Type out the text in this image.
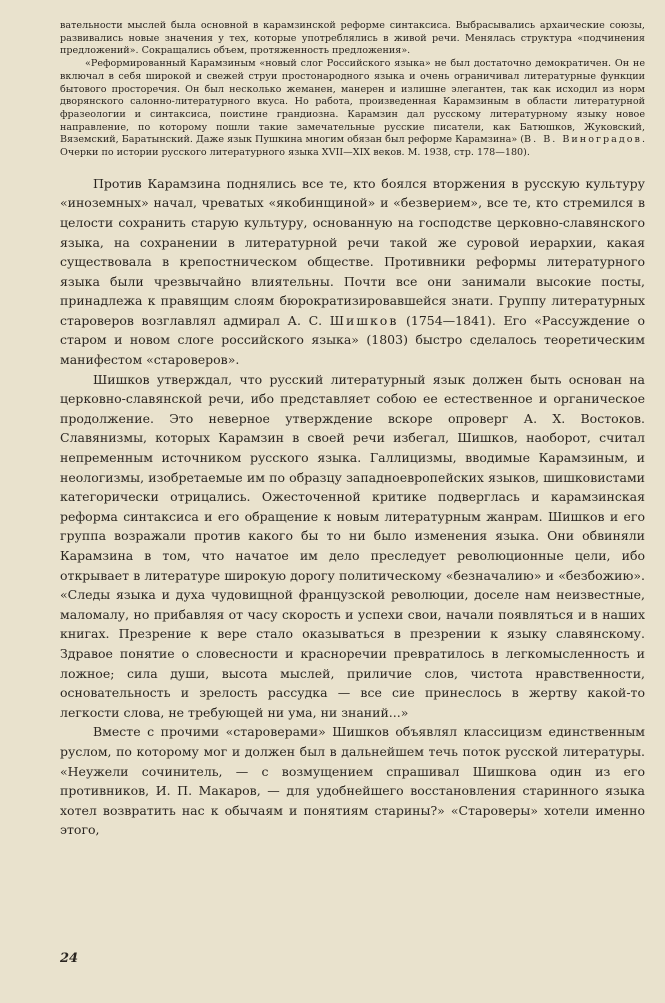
вательности мыслей была основной в карамзинской реформе синтаксиса. Выбрасывались архаические союзы, развивались новые значения у тех, которые употреблялись в живой речи. Менялась структура «подчинения предложений». Сокращались объем, протяженность предложения».

«Реформированный Карамзиным «новый слог Российского языка» не был достаточно демократичен. Он не включал в себя широкой и свежей струи простонародного языка и очень ограничивал литературные функции бытового просторечия. Он был несколько жеманен, манерен и излишне элегантен, так как исходил из норм дворянского салонно-литературного вкуса. Но работа, произведенная Карамзиным в области литературной фразеологии и синтаксиса, поистине грандиозна. Карамзин дал русскому литературному языку новое направление, по которому пошли такие замечательные русские писатели, как Батюшков, Жуковский, Вяземский, Баратынский. Даже язык Пушкина многим обязан был реформе Карамзина» (В. В. Виноградов. Очерки по истории русского литературного языка XVII—XIX веков. М. 1938, стр. 178—180).

Против Карамзина поднялись все те, кто боялся вторжения в русскую культуру «иноземных» начал, чреватых «якобинщиной» и «безверием», все те, кто стремился в целости сохранить старую культуру, основанную на господстве церковно-славянского языка, на сохранении в литературной речи такой же суровой иерархии, какая существовала в крепостническом обществе. Противники реформы литературного языка были чрезвычайно влиятельны. Почти все они занимали высокие посты, принадлежа к правящим слоям бюрократизировавшейся знати. Группу литературных староверов возглавлял адмирал А. С. Шишков (1754—1841). Его «Рассуждение о старом и новом слоге российского языка» (1803) быстро сделалось теоретическим манифестом «староверов».

Шишков утверждал, что русский литературный язык должен быть основан на церковно-славянской речи, ибо представляет собою ее естественное и органическое продолжение. Это неверное утверждение вскоре опроверг А. Х. Востоков. Славянизмы, которых Карамзин в своей речи избегал, Шишков, наоборот, считал непременным источником русского языка. Галлицизмы, вводимые Карамзиным, и неологизмы, изобретаемые им по образцу западноевропейских языков, шишковистами категорически отрицались. Ожесточенной критике подверглась и карамзинская реформа синтаксиса и его обращение к новым литературным жанрам. Шишков и его группа возражали против какого бы то ни было изменения языка. Они обвиняли Карамзина в том, что начатое им дело преследует революционные цели, ибо открывает в литературе широкую дорогу политическому «безначалию» и «безбожию». «Следы языка и духа чудовищной французской революции, доселе нам неизвестные, маломалу, но прибавляя от часу скорость и успехи свои, начали появляться и в наших книгах. Презрение к вере стало оказываться в презрении к языку славянскому. Здравое понятие о словесности и красноречии превратилось в легкомысленность и ложное; сила души, высота мыслей, приличие слов, чистота нравственности, основательность и зрелость рассудка — все сие принеслось в жертву какой-то легкости слова, не требующей ни ума, ни знаний...»

Вместе с прочими «староверами» Шишков объявлял классицизм единственным руслом, по которому мог и должен был в дальнейшем течь поток русской литературы. «Неужели сочинитель, — с возмущением спрашивал Шишкова один из его противников, И. П. Макаров, — для удобнейшего восстановления старинного языка хотел возвратить нас к обычаям и понятиям старины?» «Староверы» хотели именно этого,

24
